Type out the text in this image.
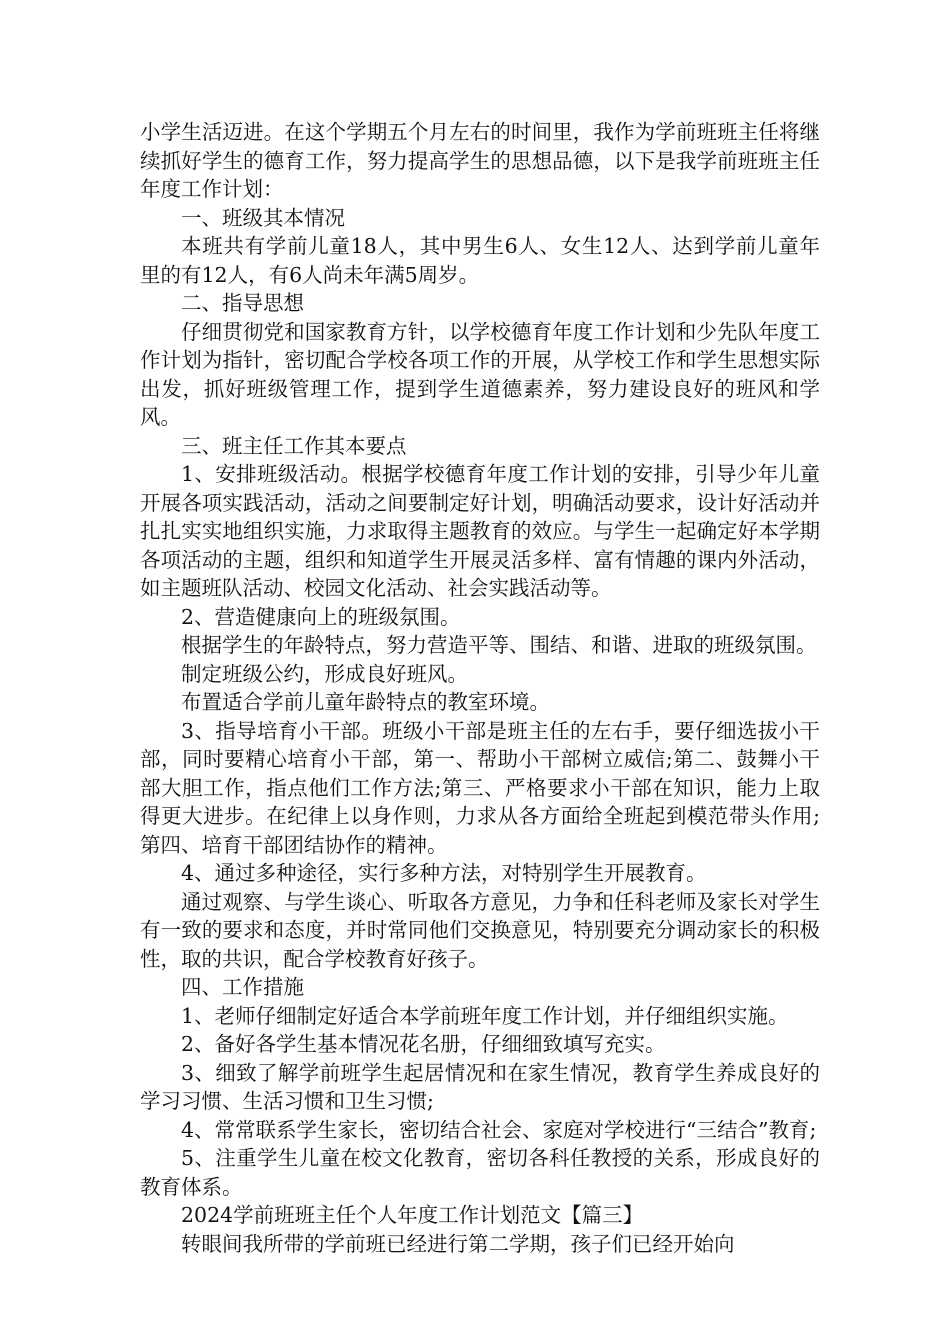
小学生活迈进。在这个学期五个月左右的时间里，我作为学前班班主任将继续抓好学生的德育工作，努力提高学生的思想品德，以下是我学前班班主任年度工作计划：

一、班级其本情况

本班共有学前儿童18人，其中男生6人、女生12人、达到学前儿童年里的有12人，有6人尚未年满5周岁。

二、指导思想

仔细贯彻党和国家教育方针，以学校德育年度工作计划和少先队年度工作计划为指针，密切配合学校各项工作的开展，从学校工作和学生思想实际出发，抓好班级管理工作，提到学生道德素养，努力建设良好的班风和学风。

三、班主任工作其本要点

1、安排班级活动。根据学校德育年度工作计划的安排，引导少年儿童开展各项实践活动，活动之间要制定好计划，明确活动要求，设计好活动并扎扎实实地组织实施，力求取得主题教育的效应。与学生一起确定好本学期各项活动的主题，组织和知道学生开展灵活多样、富有情趣的课内外活动，如主题班队活动、校园文化活动、社会实践活动等。

2、营造健康向上的班级氛围。

根据学生的年龄特点，努力营造平等、围结、和谐、进取的班级氛围。

制定班级公约，形成良好班风。

布置适合学前儿童年龄特点的教室环境。

3、指导培育小干部。班级小干部是班主任的左右手，要仔细选拔小干部，同时要精心培育小干部，第一、帮助小干部树立威信;第二、鼓舞小干部大胆工作，指点他们工作方法;第三、严格要求小干部在知识，能力上取得更大进步。在纪律上以身作则，力求从各方面给全班起到模范带头作用;第四、培育干部团结协作的精神。

4、通过多种途径，实行多种方法，对特别学生开展教育。

通过观察、与学生谈心、听取各方意见，力争和任科老师及家长对学生有一致的要求和态度，并时常同他们交换意见，特别要充分调动家长的积极性，取的共识，配合学校教育好孩子。

四、工作措施

1、老师仔细制定好适合本学前班年度工作计划，并仔细组织实施。

2、备好各学生基本情况花名册，仔细细致填写充实。

3、细致了解学前班学生起居情况和在家生情况，教育学生养成良好的学习习惯、生活习惯和卫生习惯;

4、常常联系学生家长，密切结合社会、家庭对学校进行“三结合”教育;

5、注重学生儿童在校文化教育，密切各科任教授的关系，形成良好的教育体系。

2024学前班班主任个人年度工作计划范文【篇三】

转眼间我所带的学前班已经进行第二学期，孩子们已经开始向
